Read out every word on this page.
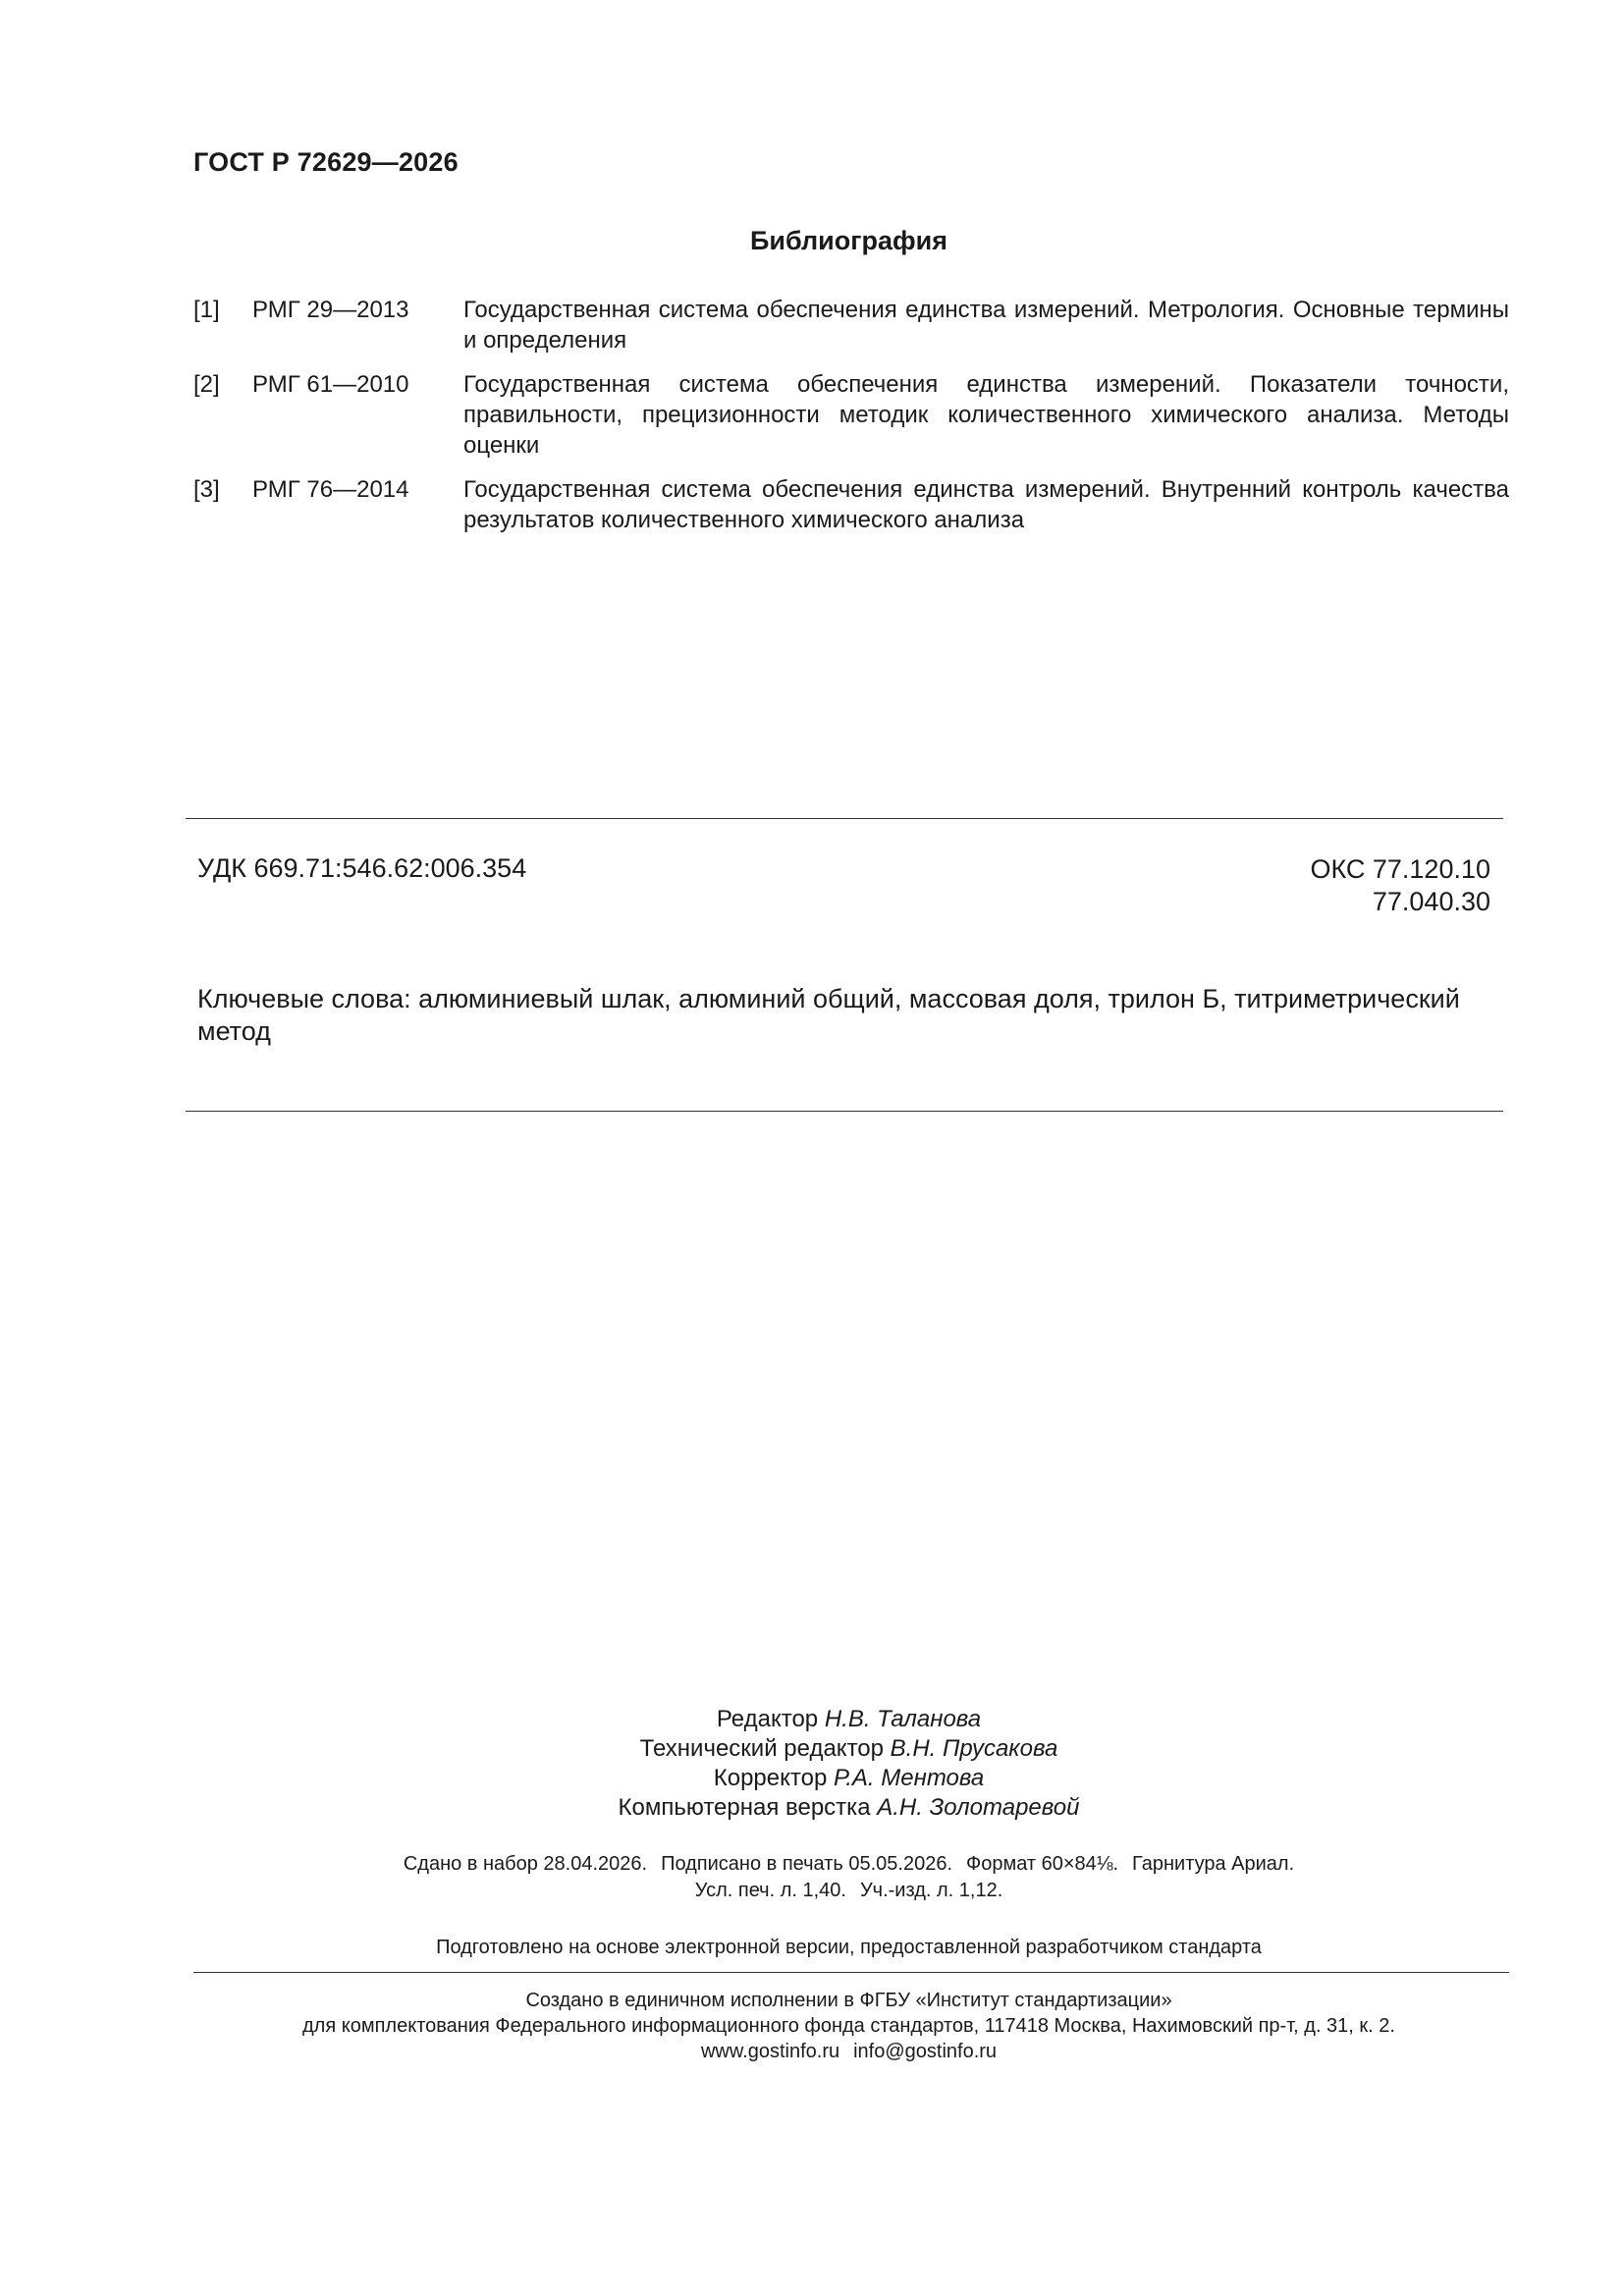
ГОСТ Р 72629—2026
Библиография
[1]	РМГ 29—2013	Государственная система обеспечения единства измерений. Метрология. Основные термины и определения
[2]	РМГ 61—2010	Государственная система обеспечения единства измерений. Показатели точности, правильности, прецизионности методик количественного химического анализа. Методы оценки
[3]	РМГ 76—2014	Государственная система обеспечения единства измерений. Внутренний контроль качества результатов количественного химического анализа
УДК 669.71:546.62:006.354	ОКС 77.120.10
77.040.30
Ключевые слова: алюминиевый шлак, алюминий общий, массовая доля, трилон Б, титриметрический метод
Редактор Н.В. Таланова
Технический редактор В.Н. Прусакова
Корректор Р.А. Ментова
Компьютерная верстка А.Н. Золотаревой
Сдано в набор 28.04.2026. Подписано в печать 05.05.2026. Формат 60×84⅛. Гарнитура Ариал.
Усл. печ. л. 1,40. Уч.-изд. л. 1,12.
Подготовлено на основе электронной версии, предоставленной разработчиком стандарта
Создано в единичном исполнении в ФГБУ «Институт стандартизации»
для комплектования Федерального информационного фонда стандартов, 117418 Москва, Нахимовский пр-т, д. 31, к. 2.
www.gostinfo.ru info@gostinfo.ru
